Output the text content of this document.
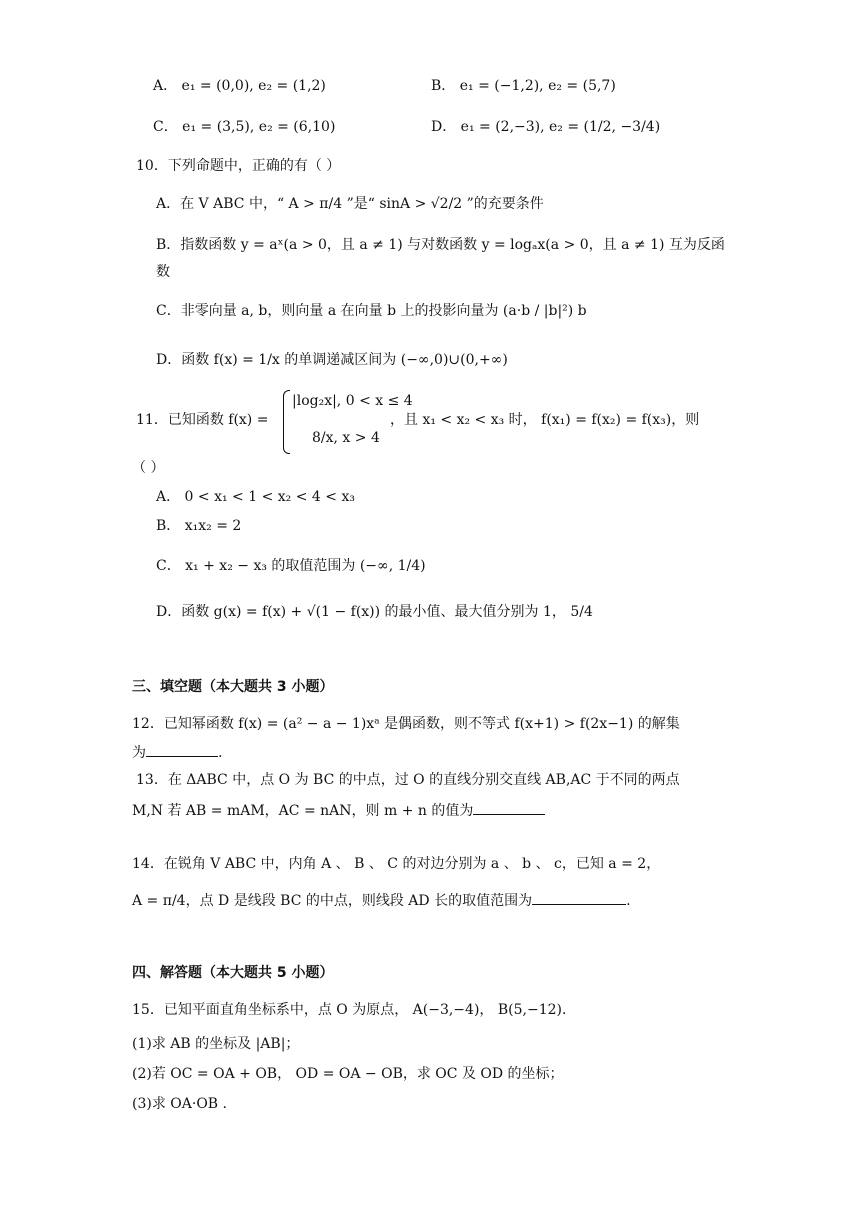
A． e₁ = (0,0), e₂ = (1,2)	B． e₁ = (−1,2), e₂ = (5,7)
C． e₁ = (3,5), e₂ = (6,10)	D． e₁ = (2,−3), e₂ = (1/2, −3/4)
10．下列命题中，正确的有（ ）
A．在 V ABC 中，“ A > π/4 ”是“ sinA > √2/2 ”的充要条件
B．指数函数 y = aˣ(a > 0，且 a ≠ 1) 与对数函数 y = logₐx(a > 0，且 a ≠ 1) 互为反函
数
C．非零向量 a, b，则向量 a 在向量 b 上的投影向量为 (a·b / |b|²) b
D．函数 f(x) = 1/x 的单调递减区间为 (−∞,0)∪(0,+∞)
11．已知函数 f(x) =
|log₂x|, 0 < x ≤ 4
8/x, x > 4
，且 x₁ < x₂ < x₃ 时， f(x₁) = f(x₂) = f(x₃)，则
（ ）
A． 0 < x₁ < 1 < x₂ < 4 < x₃
B． x₁x₂ = 2
C． x₁ + x₂ − x₃ 的取值范围为 (−∞, 1/4)
D．函数 g(x) = f(x) + √(1 − f(x)) 的最小值、最大值分别为 1， 5/4
三、填空题（本大题共 3 小题）
12．已知幂函数 f(x) = (a² − a − 1)xᵃ 是偶函数，则不等式 f(x+1) > f(2x−1) 的解集
为	.
13．在 ΔABC 中，点 O 为 BC 的中点，过 O 的直线分别交直线 AB,AC 于不同的两点
M,N 若 AB = mAM，AC = nAN，则 m + n 的值为
14．在锐角 V ABC 中，内角 A 、 B 、 C 的对边分别为 a 、 b 、 c，已知 a = 2，
A = π/4，点 D 是线段 BC 的中点，则线段 AD 长的取值范围为	.
四、解答题（本大题共 5 小题）
15．已知平面直角坐标系中，点 O 为原点， A(−3,−4)， B(5,−12)．
(1)求 AB 的坐标及 |AB|；
(2)若 OC = OA + OB， OD = OA − OB，求 OC 及 OD 的坐标；
(3)求 OA·OB .
